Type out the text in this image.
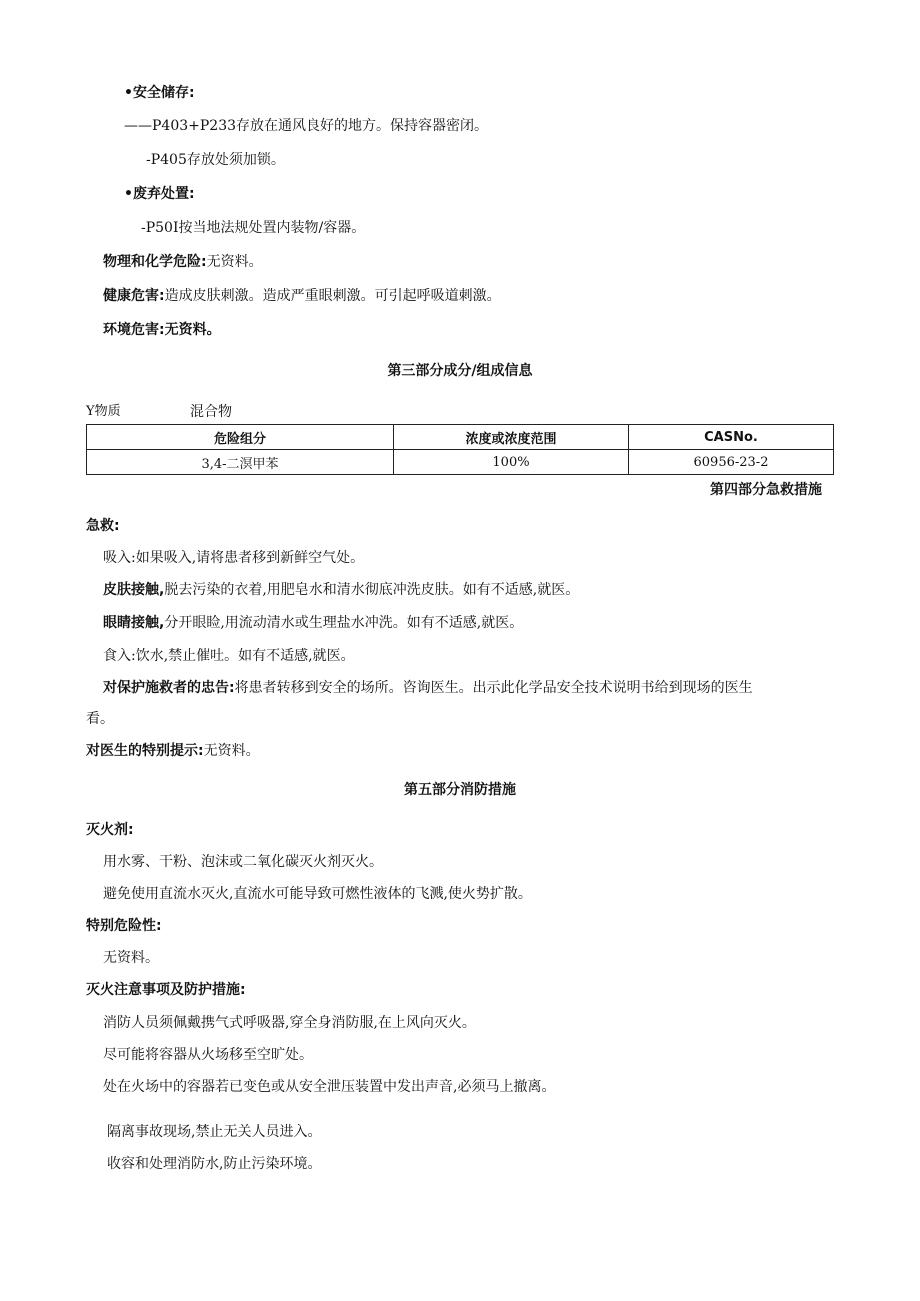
•安全储存:
——P403+P233存放在通风良好的地方。保持容器密闭。
-P405存放处须加锁。
•废弃处置:
-P50I按当地法规处置内装物/容器。
物理和化学危险:无资料。
健康危害:造成皮肤刺激。造成严重眼刺激。可引起呼吸道刺激。
环境危害:无资料。
第三部分成分/组成信息
Y物质	混合物
危险组分	浓度或浓度范围	CASNo.
3,4-二溟甲苯	100%	60956-23-2
第四部分急救措施
急救:
吸入:如果吸入,请将患者移到新鲜空气处。
皮肤接触,脱去污染的衣着,用肥皂水和清水彻底冲洗皮肤。如有不适感,就医。
眼睛接触,分开眼睑,用流动清水或生理盐水冲洗。如有不适感,就医。
食入:饮水,禁止催吐。如有不适感,就医。
对保护施救者的忠告:将患者转移到安全的场所。咨询医生。出示此化学品安全技术说明书给到现场的医生
看。
对医生的特别提示:无资料。
第五部分消防措施
灭火剂:
用水雾、干粉、泡沫或二氧化碳灭火剂灭火。
避免使用直流水灭火,直流水可能导致可燃性液体的飞溅,使火势扩散。
特别危险性:
无资料。
灭火注意事项及防护措施:
消防人员须佩戴携气式呼吸器,穿全身消防服,在上风向灭火。
尽可能将容器从火场移至空旷处。
处在火场中的容器若已变色或从安全泄压装置中发出声音,必须马上撤离。
隔离事故现场,禁止无关人员进入。
收容和处理消防水,防止污染环境。
